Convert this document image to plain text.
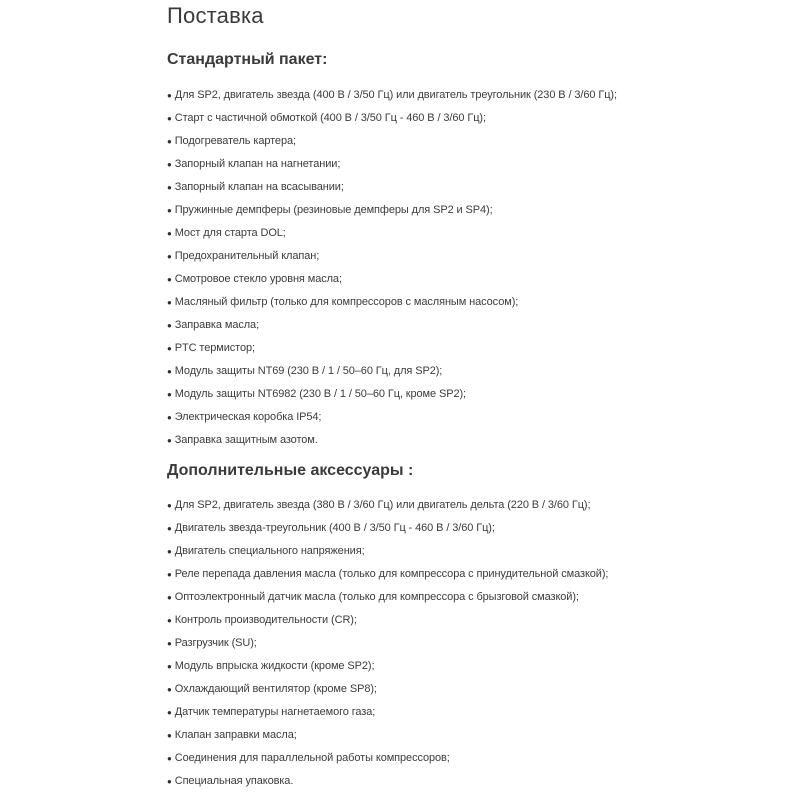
Поставка
Стандартный пакет:
● Для SP2, двигатель звезда (400 В / 3/50 Гц) или двигатель треугольник (230 В / 3/60 Гц);
● Старт с частичной обмоткой (400 В / 3/50 Гц - 460 В / 3/60 Гц);
● Подогреватель картера;
● Запорный клапан на нагнетании;
● Запорный клапан на всасывании;
● Пружинные демпферы (резиновые демпферы для SP2 и SP4);
● Мост для старта DOL;
● Предохранительный клапан;
● Смотровое стекло уровня масла;
● Масляный фильтр (только для компрессоров с масляным насосом);
● Заправка масла;
● PTC термистор;
● Модуль защиты NT69 (230 В / 1 / 50–60 Гц, для SP2);
● Модуль защиты NT6982 (230 В / 1 / 50–60 Гц, кроме SP2);
● Электрическая коробка IP54;
● Заправка защитным азотом.
Дополнительные аксессуары :
● Для SP2, двигатель звезда (380 В / 3/60 Гц) или двигатель дельта (220 В / 3/60 Гц);
● Двигатель звезда-треугольник (400 В / 3/50 Гц - 460 В / 3/60 Гц);
● Двигатель специального напряжения;
● Реле перепада давления масла (только для компрессора с принудительной смазкой);
● Оптоэлектронный датчик масла (только для компрессора с брызговой смазкой);
● Контроль производительности (CR);
● Разгрузчик (SU);
● Модуль впрыска жидкости (кроме SP2);
● Охлаждающий вентилятор (кроме SP8);
● Датчик температуры нагнетаемого газа;
● Клапан заправки масла;
● Соединения для параллельной работы компрессоров;
● Специальная упаковка.
